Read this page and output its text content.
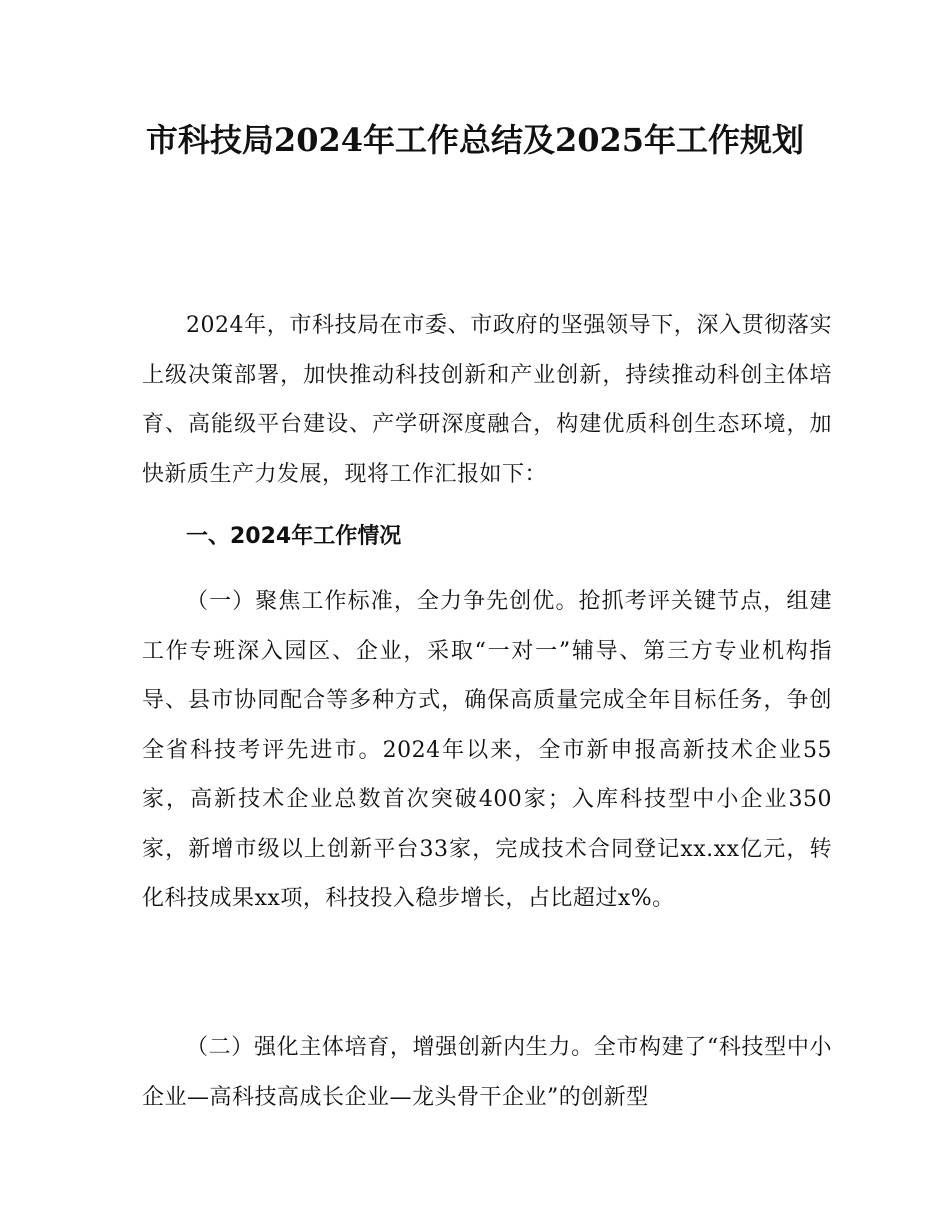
市科技局2024年工作总结及2025年工作规划

2024年，市科技局在市委、市政府的坚强领导下，深入贯彻落实上级决策部署，加快推动科技创新和产业创新，持续推动科创主体培育、高能级平台建设、产学研深度融合，构建优质科创生态环境，加快新质生产力发展，现将工作汇报如下：

一、2024年工作情况

（一）聚焦工作标准，全力争先创优。抢抓考评关键节点，组建工作专班深入园区、企业，采取“一对一”辅导、第三方专业机构指导、县市协同配合等多种方式，确保高质量完成全年目标任务，争创全省科技考评先进市。2024年以来，全市新申报高新技术企业55家，高新技术企业总数首次突破400家；入库科技型中小企业350家，新增市级以上创新平台33家，完成技术合同登记xx.xx亿元，转化科技成果xx项，科技投入稳步增长，占比超过x%。

（二）强化主体培育，增强创新内生力。全市构建了“科技型中小企业—高科技高成长企业—龙头骨干企业”的创新型
